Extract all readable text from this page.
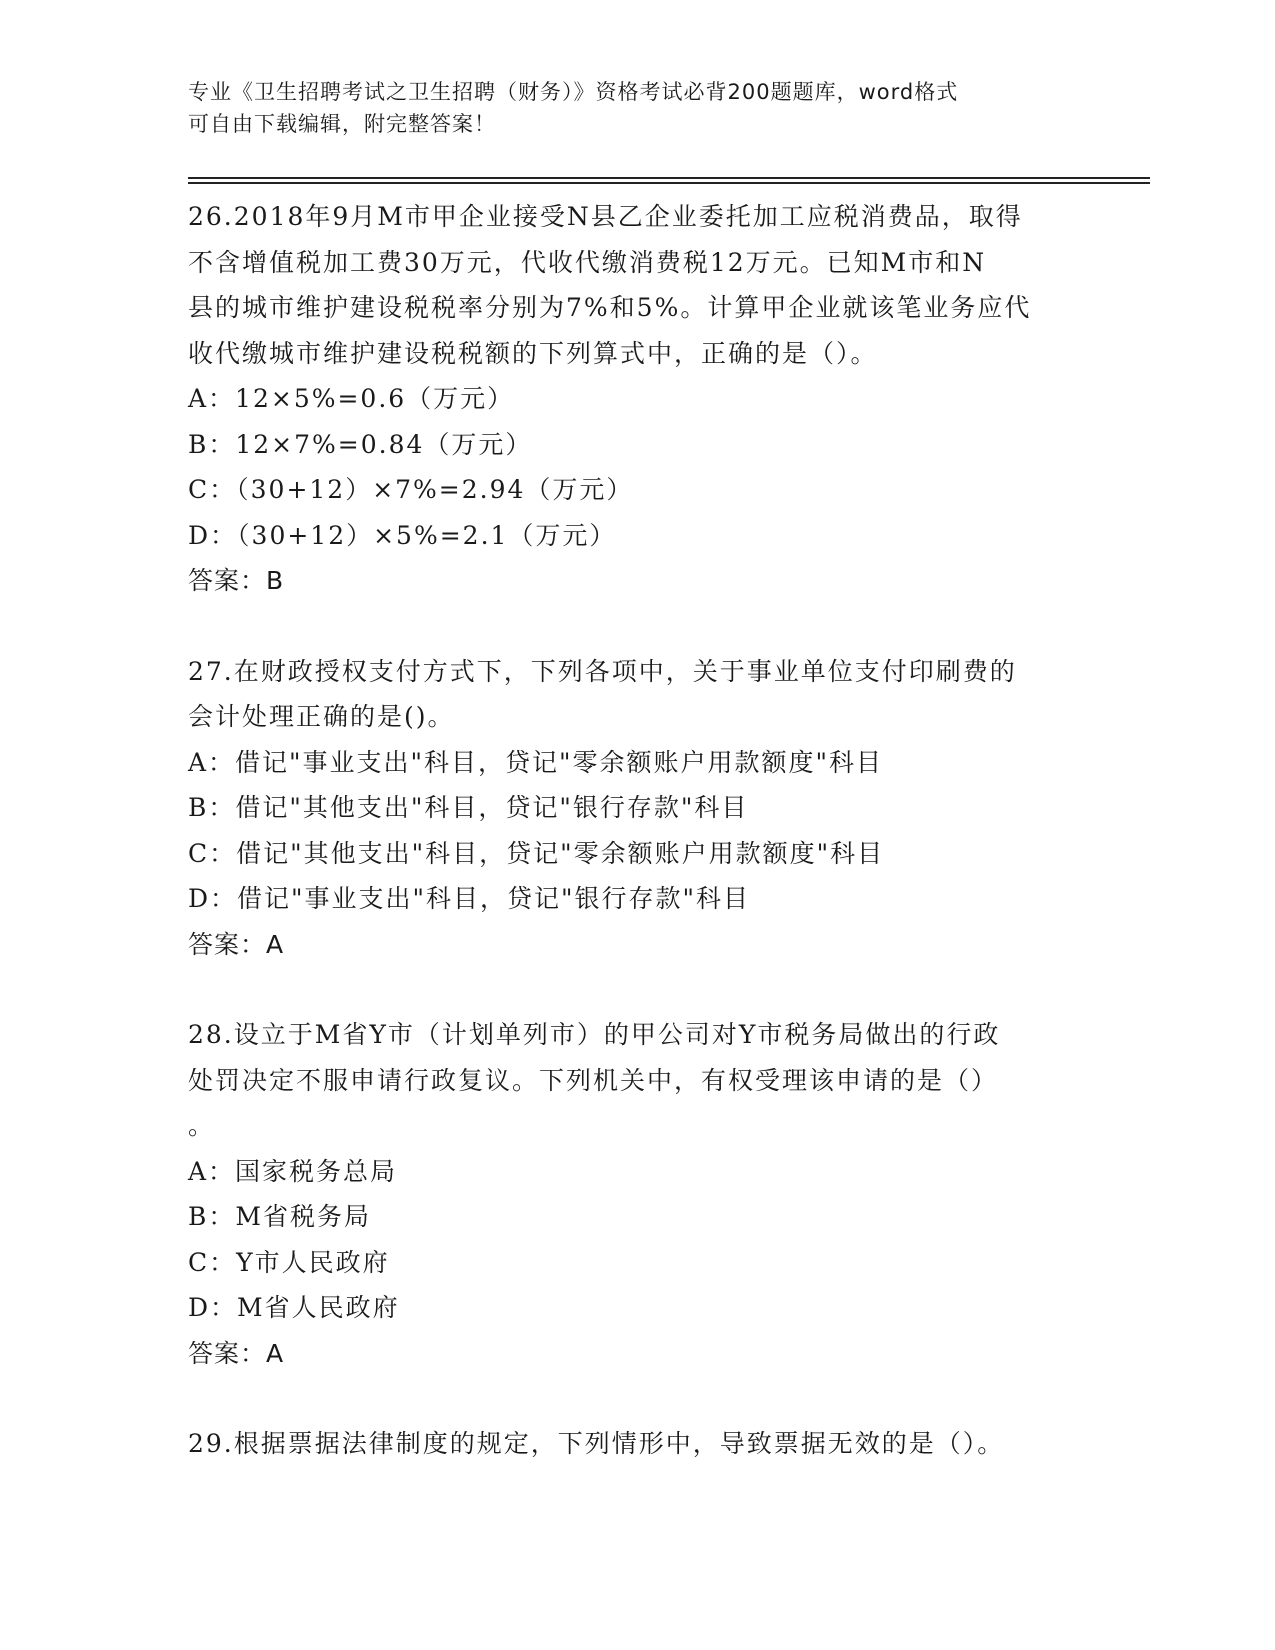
专业《卫生招聘考试之卫生招聘（财务）》资格考试必背200题题库，word格式
可自由下载编辑，附完整答案！

26.2018年9月M市甲企业接受N县乙企业委托加工应税消费品，取得

不含增值税加工费30万元，代收代缴消费税12万元。已知M市和N

县的城市维护建设税税率分别为7%和5%。计算甲企业就该笔业务应代

收代缴城市维护建设税税额的下列算式中，正确的是（）。

A：12×5%=0.6（万元）

B：12×7%=0.84（万元）

C：（30+12）×7%=2.94（万元）

D：（30+12）×5%=2.1（万元）

答案：B

27.在财政授权支付方式下，下列各项中，关于事业单位支付印刷费的

会计处理正确的是()。

A：借记"事业支出"科目，贷记"零余额账户用款额度"科目

B：借记"其他支出"科目，贷记"银行存款"科目

C：借记"其他支出"科目，贷记"零余额账户用款额度"科目

D：借记"事业支出"科目，贷记"银行存款"科目

答案：A

28.设立于M省Y市（计划单列市）的甲公司对Y市税务局做出的行政

处罚决定不服申请行政复议。下列机关中，有权受理该申请的是（）

。

A：国家税务总局

B：M省税务局

C：Y市人民政府

D：M省人民政府

答案：A

29.根据票据法律制度的规定，下列情形中，导致票据无效的是（）。
